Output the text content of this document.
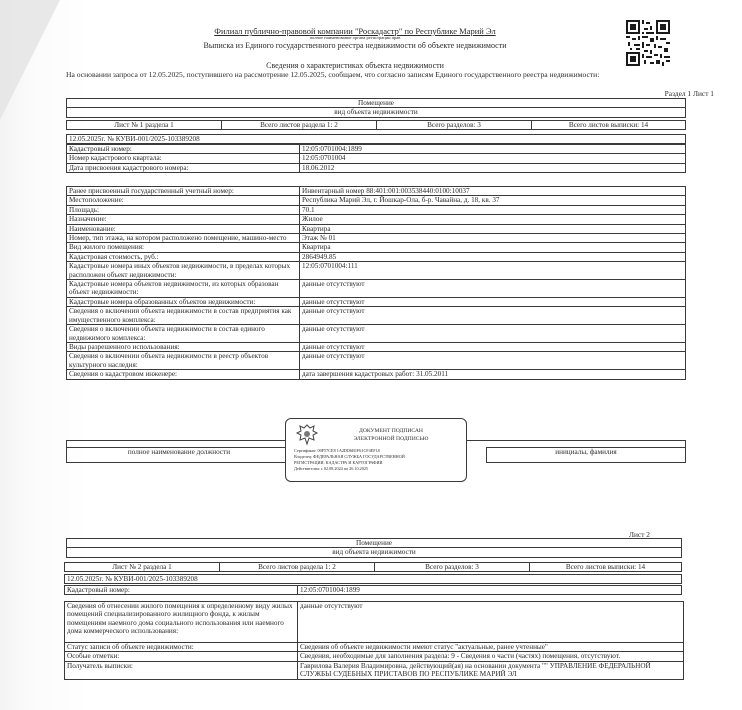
Филиал публично-правовой компании "Роскадастр" по Республике Марий Эл
полное наименование органа регистрации прав
Выписка из Единого государственного реестра недвижимости об объекте недвижимости
Сведения о характеристиках объекта недвижимости
На основании запроса от 12.05.2025, поступившего на рассмотрение 12.05.2025, сообщаем, что согласно записям Единого государственного реестра недвижимости:
Раздел 1 Лист 1
Помещение
вид объекта недвижимости
Лист № 1 раздела 1	Всего листов раздела 1: 2	Всего разделов: 3	Всего листов выписки: 14
12.05.2025г. № КУВИ-001/2025-103389208
Кадастровый номер:	12:05:0701004:1899
Номер кадастрового квартала:	12:05:0701004
Дата присвоения кадастрового номера:	18.06.2012
Ранее присвоенный государственный учетный номер:	Инвентарный номер 88:401:001:003538440:0100:10037
Местоположение:	Республика Марий Эл, г. Йошкар-Ола, б-р. Чавайна, д. 18, кв. 37
Площадь:	70.1
Назначение:	Жилое
Наименование:	Квартира
Номер, тип этажа, на котором расположено помещение, машино-место	Этаж № 01
Вид жилого помещения:	Квартира
Кадастровая стоимость, руб.:	2864949.85
Кадастровые номера иных объектов недвижимости, в пределах которых расположен объект недвижимости:	12:05:0701004:111
Кадастровые номера объектов недвижимости, из которых образован объект недвижимости:	данные отсутствуют
Кадастровые номера образованных объектов недвижимости:	данные отсутствуют
Сведения о включении объекта недвижимости в состав предприятия как имущественного комплекса:	данные отсутствуют
Сведения о включении объекта недвижимости в состав единого недвижимого комплекса:	данные отсутствуют
Виды разрешенного использования:	данные отсутствуют
Сведения о включении объекта недвижимости в реестр объектов культурного наследия:	данные отсутствуют
Сведения о кадастровом инженере:	дата завершения кадастровых работ: 31.05.2011

полное наименование должности		инициалы, фамилия
ДОКУМЕНТ ПОДПИСАН
ЭЛЕКТРОННОЙ ПОДПИСЬЮ
Сертификат: 00F57CE8 1A2DD6B1F61CF4EF18
Владелец: ФЕДЕРАЛЬНАЯ СЛУЖБА ГОСУДАРСТВЕННОЙ
РЕГИСТРАЦИИ, КАДАСТРА И КАРТОГРАФИИ
Действителен: с 02.08.2024 по 26.10.2025
Лист 2
Помещение
вид объекта недвижимости
Лист № 2 раздела 1	Всего листов раздела 1: 2	Всего разделов: 3	Всего листов выписки: 14
12.05.2025г. № КУВИ-001/2025-103389208
Кадастровый номер:	12:05:0701004:1899
Сведения об отнесении жилого помещения к определенному виду жилых помещений специализированного жилищного фонда, к жилым помещениям наемного дома социального использования или наемного дома коммерческого использования:	данные отсутствуют
Статус записи об объекте недвижимости:	Сведения об объекте недвижимости имеют статус "актуальные, ранее учтенные"
Особые отметки:	Сведения, необходимые для заполнения раздела: 9 - Сведения о части (частях) помещения, отсутствуют.
Получатель выписки:	Гаврилова Валерия Владимировна, действующий(ая) на основании документа "" УПРАВЛЕНИЕ ФЕДЕРАЛЬНОЙ СЛУЖБЫ СУДЕБНЫХ ПРИСТАВОВ ПО РЕСПУБЛИКЕ МАРИЙ ЭЛ
